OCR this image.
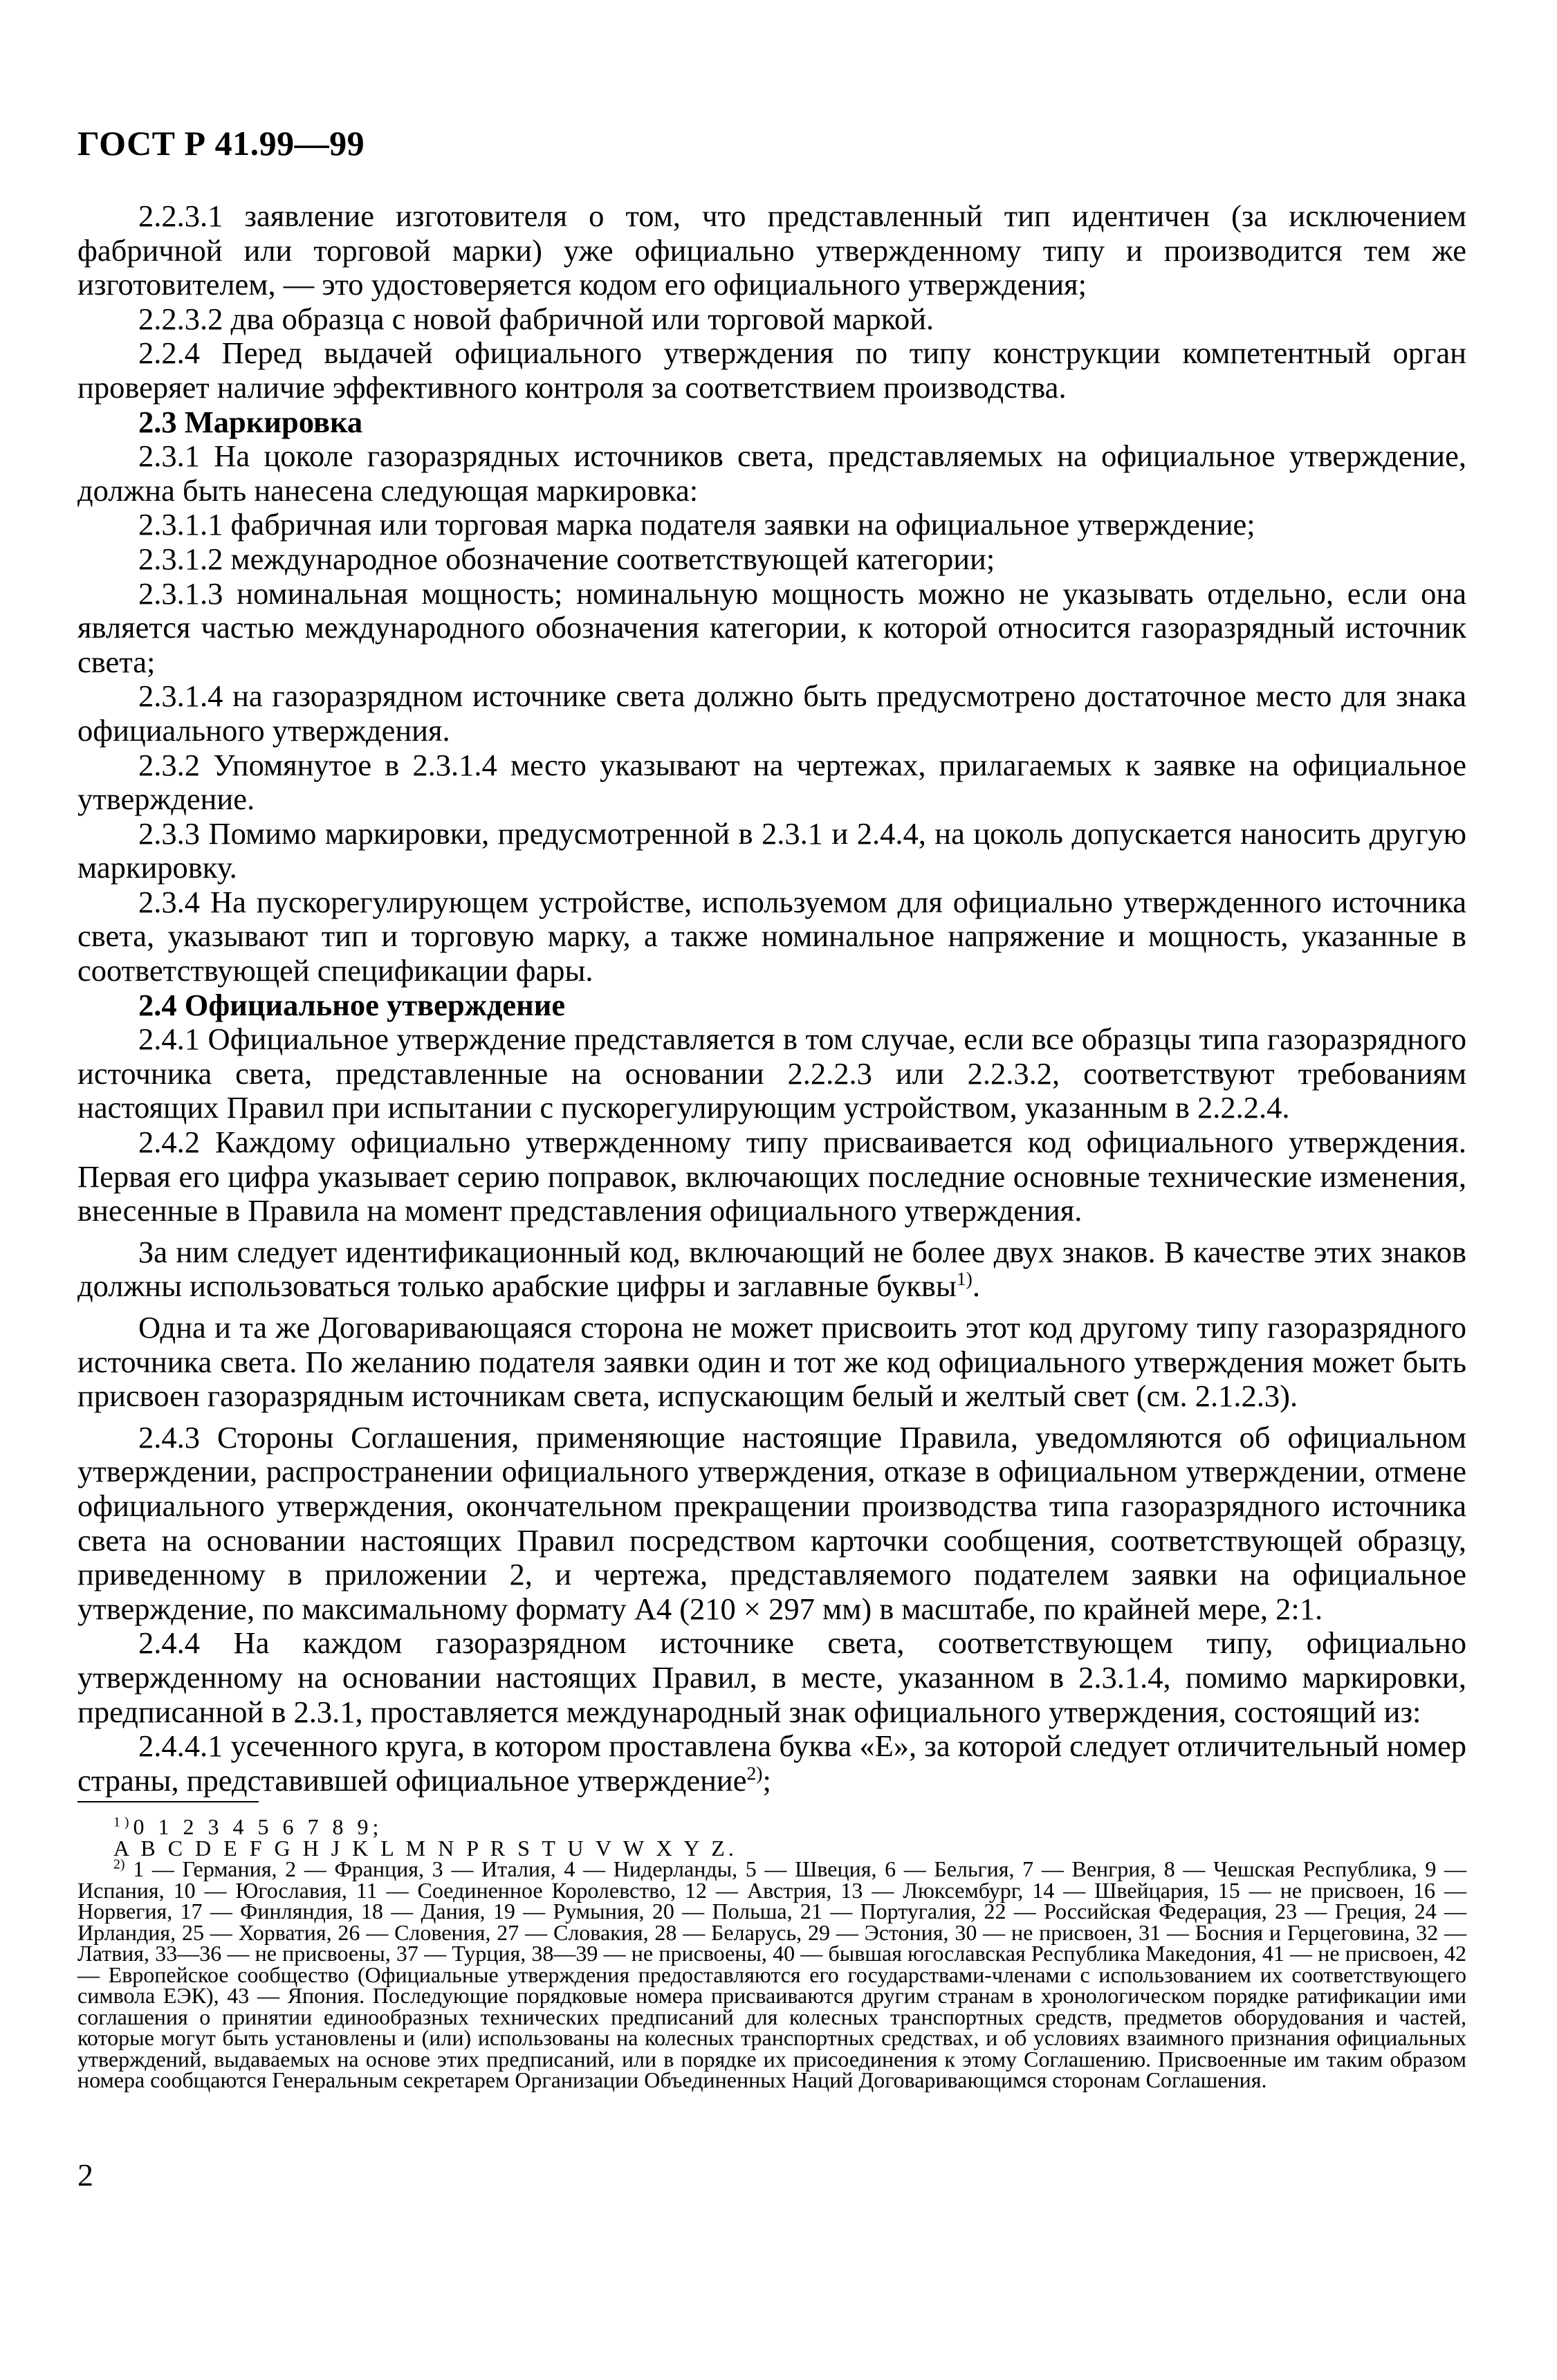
ГОСТ Р 41.99—99

2.2.3.1 заявление изготовителя о том, что представленный тип идентичен (за исключением фабричной или торговой марки) уже официально утвержденному типу и производится тем же изготовителем, — это удостоверяется кодом его официального утверждения;

2.2.3.2 два образца с новой фабричной или торговой маркой.

2.2.4 Перед выдачей официального утверждения по типу конструкции компетентный орган проверяет наличие эффективного контроля за соответствием производства.

2.3 Маркировка

2.3.1 На цоколе газоразрядных источников света, представляемых на официальное утверждение, должна быть нанесена следующая маркировка:

2.3.1.1 фабричная или торговая марка подателя заявки на официальное утверждение;

2.3.1.2 международное обозначение соответствующей категории;

2.3.1.3 номинальная мощность; номинальную мощность можно не указывать отдельно, если она является частью международного обозначения категории, к которой относится газоразрядный источник света;

2.3.1.4 на газоразрядном источнике света должно быть предусмотрено достаточное место для знака официального утверждения.

2.3.2 Упомянутое в 2.3.1.4 место указывают на чертежах, прилагаемых к заявке на официальное утверждение.

2.3.3 Помимо маркировки, предусмотренной в 2.3.1 и 2.4.4, на цоколь допускается наносить другую маркировку.

2.3.4 На пускорегулирующем устройстве, используемом для официально утвержденного источника света, указывают тип и торговую марку, а также номинальное напряжение и мощность, указанные в соответствующей спецификации фары.

2.4 Официальное утверждение

2.4.1 Официальное утверждение представляется в том случае, если все образцы типа газоразрядного источника света, представленные на основании 2.2.2.3 или 2.2.3.2, соответствуют требованиям настоящих Правил при испытании с пускорегулирующим устройством, указанным в 2.2.2.4.

2.4.2 Каждому официально утвержденному типу присваивается код официального утверждения. Первая его цифра указывает серию поправок, включающих последние основные технические изменения, внесенные в Правила на момент представления официального утверждения.

За ним следует идентификационный код, включающий не более двух знаков. В качестве этих знаков должны использоваться только арабские цифры и заглавные буквы$^{1)}$.

Одна и та же Договаривающаяся сторона не может присвоить этот код другому типу газоразрядного источника света. По желанию подателя заявки один и тот же код официального утверждения может быть присвоен газоразрядным источникам света, испускающим белый и желтый свет (см. 2.1.2.3).

2.4.3 Стороны Соглашения, применяющие настоящие Правила, уведомляются об официальном утверждении, распространении официального утверждения, отказе в официальном утверждении, отмене официального утверждения, окончательном прекращении производства типа газоразрядного источника света на основании настоящих Правил посредством карточки сообщения, соответствующей образцу, приведенному в приложении 2, и чертежа, представляемого подателем заявки на официальное утверждение, по максимальному формату А4 (210 × 297 мм) в масштабе, по крайней мере, 2:1.

2.4.4 На каждом газоразрядном источнике света, соответствующем типу, официально утвержденному на основании настоящих Правил, в месте, указанном в 2.3.1.4, помимо маркировки, предписанной в 2.3.1, проставляется международный знак официального утверждения, состоящий из:

2.4.4.1 усеченного круга, в котором проставлена буква «Е», за которой следует отличительный номер страны, представившей официальное утверждение$^{2)}$;

$^{1)}$0 1 2 3 4 5 6 7 8 9;

A B C D E F G H J K L M N P R S T U V W X Y Z.

$^{2)}$ 1 — Германия, 2 — Франция, 3 — Италия, 4 — Нидерланды, 5 — Швеция, 6 — Бельгия, 7 — Венгрия, 8 — Чешская Республика, 9 — Испания, 10 — Югославия, 11 — Соединенное Королевство, 12 — Австрия, 13 — Люксембург, 14 — Швейцария, 15 — не присвоен, 16 — Норвегия, 17 — Финляндия, 18 — Дания, 19 — Румыния, 20 — Польша, 21 — Португалия, 22 — Российская Федерация, 23 — Греция, 24 — Ирландия, 25 — Хорватия, 26 — Словения, 27 — Словакия, 28 — Беларусь, 29 — Эстония, 30 — не присвоен, 31 — Босния и Герцеговина, 32 — Латвия, 33—36 — не присвоены, 37 — Турция, 38—39 — не присвоены, 40 — бывшая югославская Республика Македония, 41 — не присвоен, 42 — Европейское сообщество (Официальные утверждения предоставляются его государствами-членами с использованием их соответствующего символа ЕЭК), 43 — Япония. Последующие порядковые номера присваиваются другим странам в хронологическом порядке ратификации ими соглашения о принятии единообразных технических предписаний для колесных транспортных средств, предметов оборудования и частей, которые могут быть установлены и (или) использованы на колесных транспортных средствах, и об условиях взаимного признания официальных утверждений, выдаваемых на основе этих предписаний, или в порядке их присоединения к этому Соглашению. Присвоенные им таким образом номера сообщаются Генеральным секретарем Организации Объединенных Наций Договаривающимся сторонам Соглашения.

2
